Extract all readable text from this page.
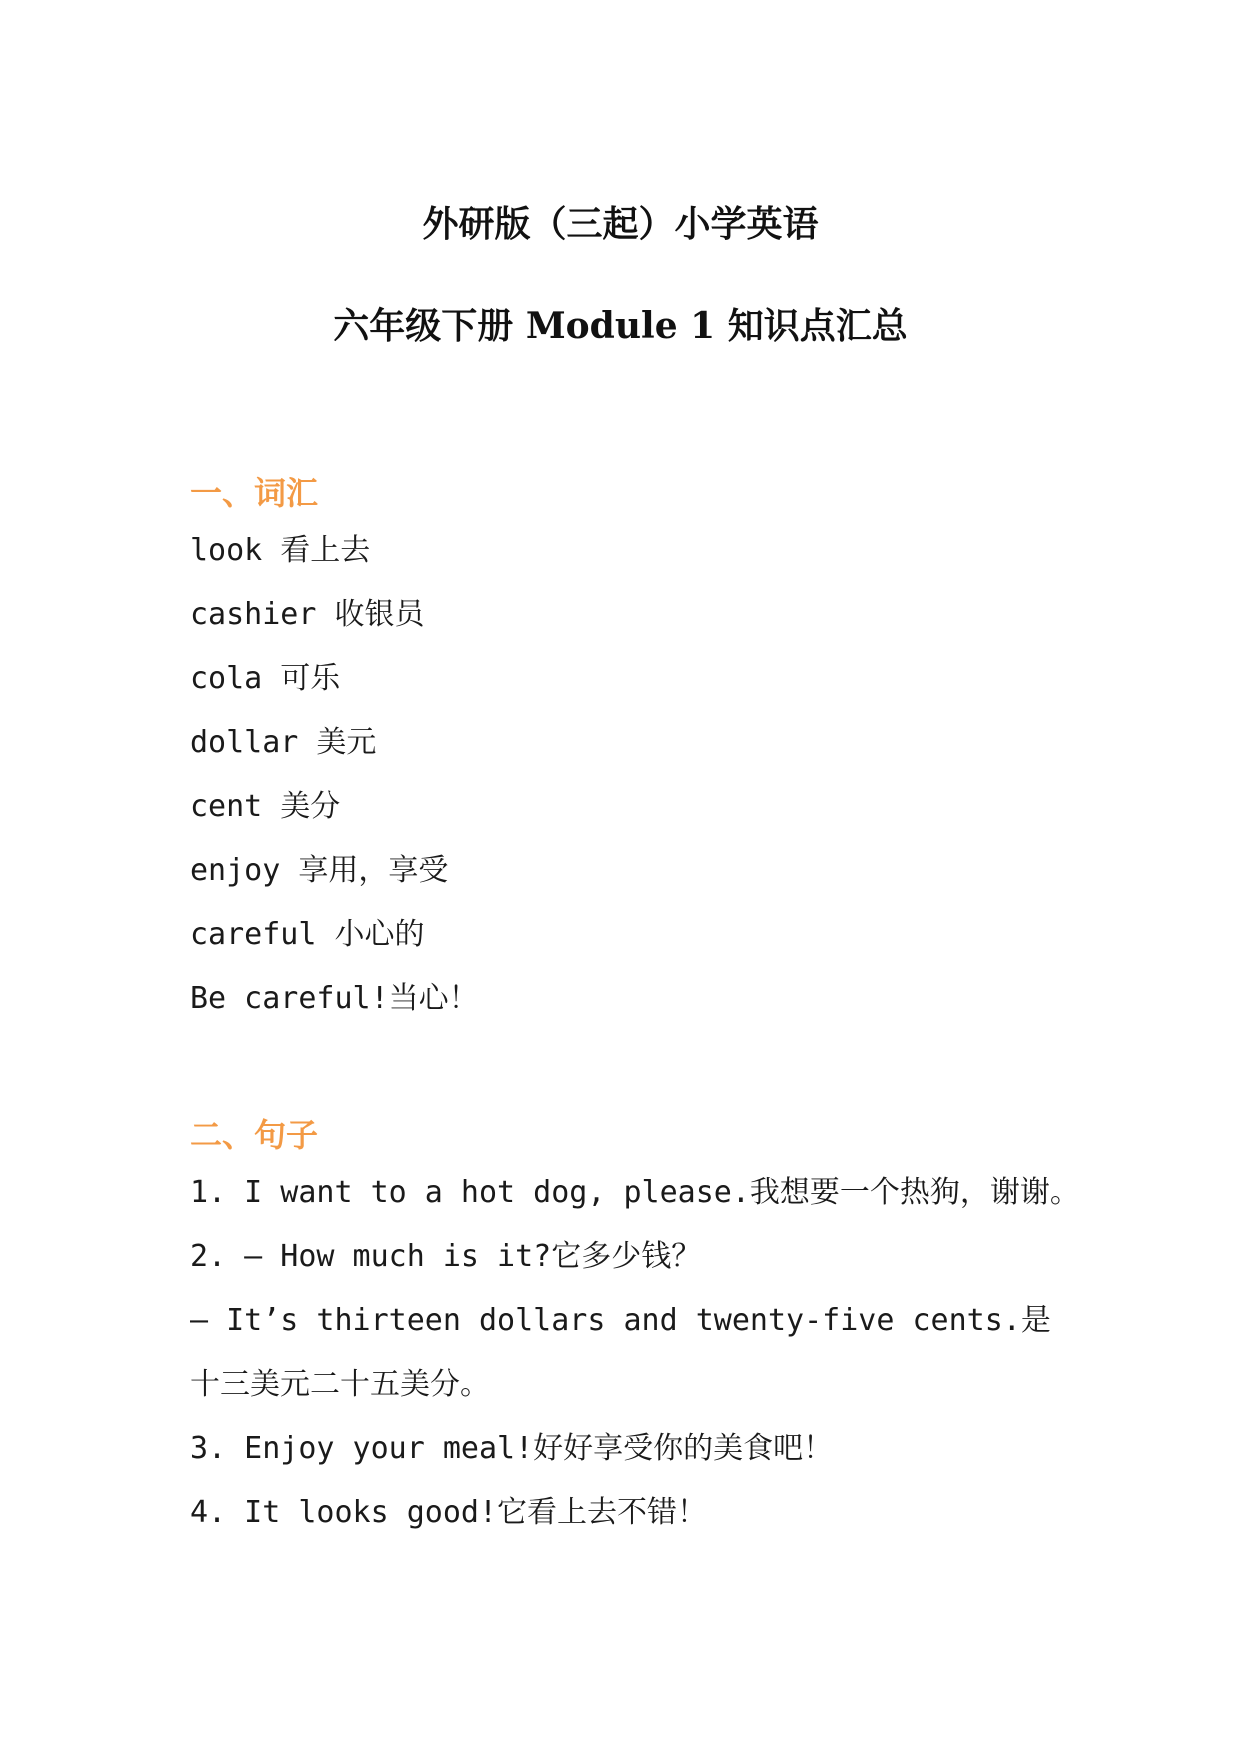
外研版（三起）小学英语
六年级下册 Module 1 知识点汇总
一、词汇

look 看上去

cashier 收银员

cola 可乐

dollar 美元

cent 美分

enjoy 享用，享受

careful 小心的

Be careful!当心！

二、句子

1. I want to a hot dog, please.我想要一个热狗，谢谢。

2. — How much is it?它多少钱？

— It’s thirteen dollars and twenty-five cents.是

十三美元二十五美分。

3. Enjoy your meal!好好享受你的美食吧！

4. It looks good!它看上去不错！
